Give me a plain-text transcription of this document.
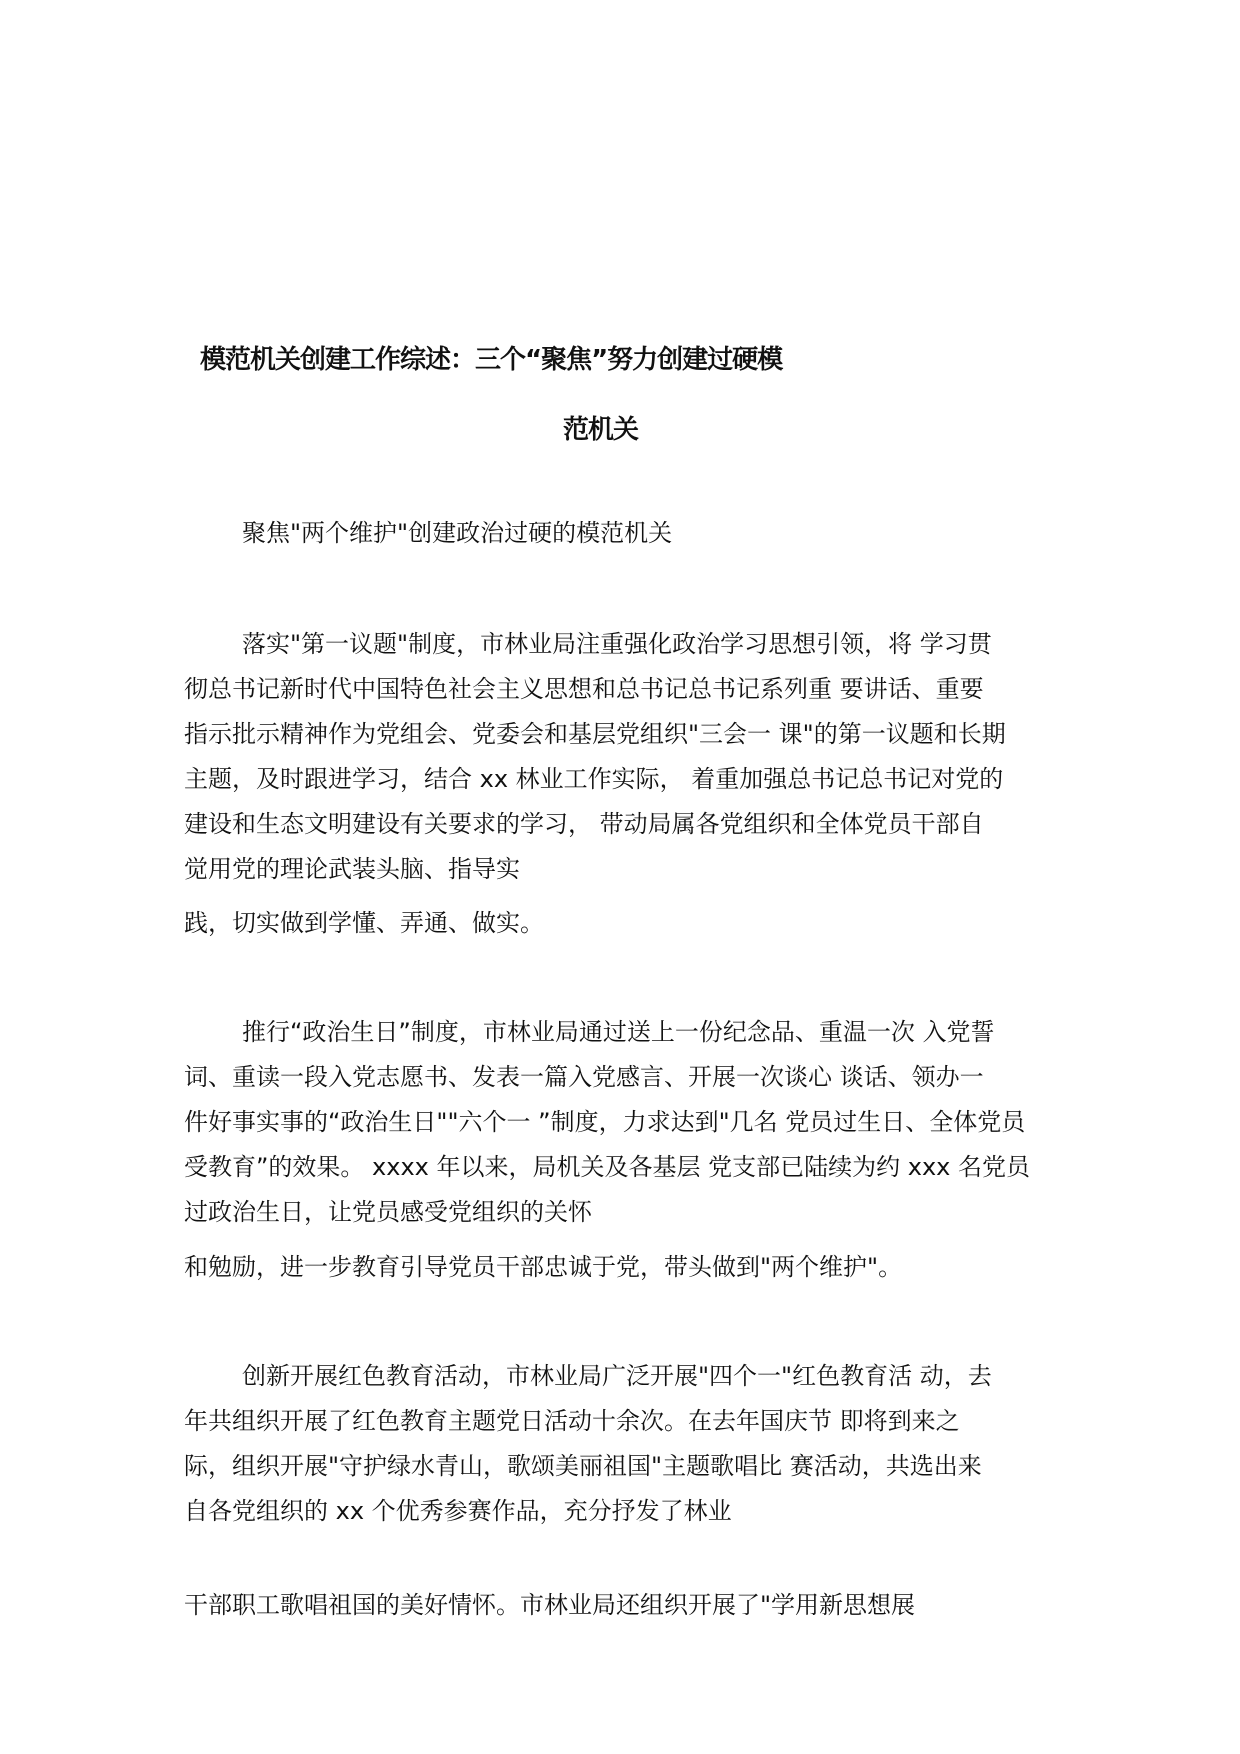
模范机关创建工作综述：三个“聚焦”努力创建过硬模
范机关
聚焦"两个维护"创建政治过硬的模范机关
落实"第一议题"制度，市林业局注重强化政治学习思想引领，将 学习贯
彻总书记新时代中国特色社会主义思想和总书记总书记系列重 要讲话、重要
指示批示精神作为党组会、党委会和基层党组织"三会一 课"的第一议题和长期
主题，及时跟进学习，结合 xx 林业工作实际， 着重加强总书记总书记对党的
建设和生态文明建设有关要求的学习， 带动局属各党组织和全体党员干部自
觉用党的理论武装头脑、指导实
践，切实做到学懂、弄通、做实。
推行“政治生日”制度，市林业局通过送上一份纪念品、重温一次 入党誓
词、重读一段入党志愿书、发表一篇入党感言、开展一次谈心 谈话、领办一
件好事实事的“政治生日""六个一 ”制度，力求达到"几名 党员过生日、全体党员
受教育”的效果。 xxxx 年以来，局机关及各基层 党支部已陆续为约 xxx 名党员
过政治生日，让党员感受党组织的关怀
和勉励，进一步教育引导党员干部忠诚于党，带头做到"两个维护"。
创新开展红色教育活动，市林业局广泛开展"四个一"红色教育活 动，去
年共组织开展了红色教育主题党日活动十余次。在去年国庆节 即将到来之
际，组织开展"守护绿水青山，歌颂美丽祖国"主题歌唱比 赛活动，共选出来
自各党组织的 xx 个优秀参赛作品，充分抒发了林业
干部职工歌唱祖国的美好情怀。市林业局还组织开展了"学用新思想展
